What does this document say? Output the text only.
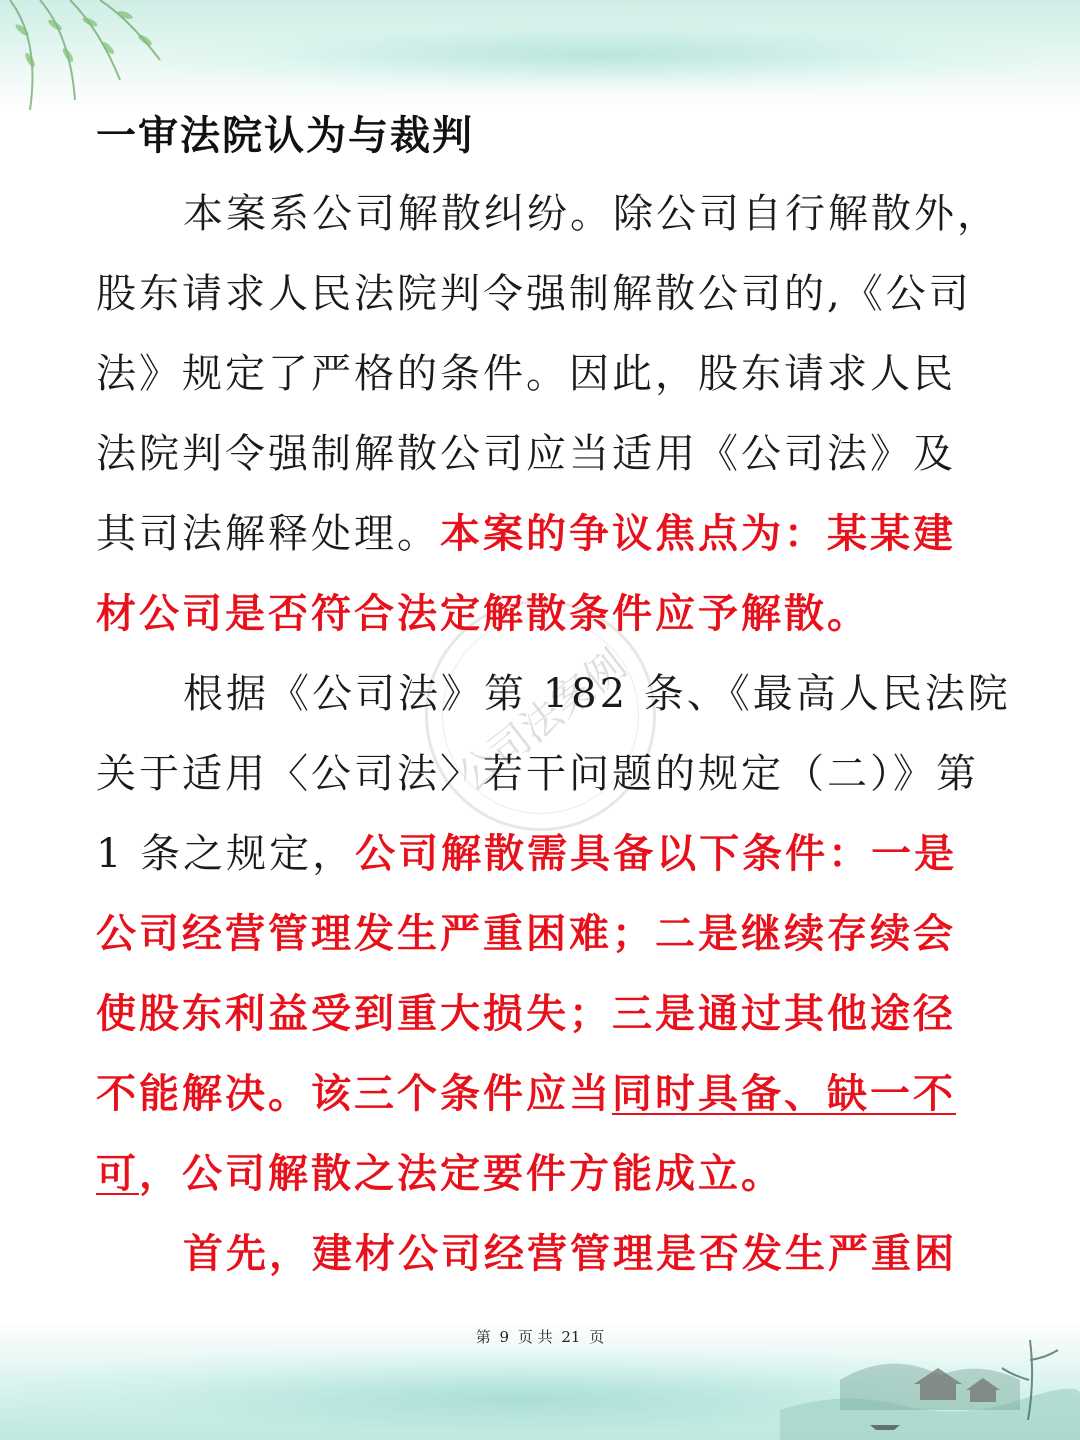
公司法案例
一审法院认为与裁判
本案系公司解散纠纷。除公司自行解散外，
股东请求人民法院判令强制解散公司的,《公司
法》规定了严格的条件。因此，股东请求人民
法院判令强制解散公司应当适用《公司法》及
其司法解释处理。本案的争议焦点为：某某建
材公司是否符合法定解散条件应予解散。
根据《公司法》第 182 条、《最高人民法院
关于适用〈公司法〉若干问题的规定（二）》第
1 条之规定，公司解散需具备以下条件：一是
公司经营管理发生严重困难；二是继续存续会
使股东利益受到重大损失；三是通过其他途径
不能解决。该三个条件应当同时具备、缺一不
可，公司解散之法定要件方能成立。
首先，建材公司经营管理是否发生严重困
第 9 页 共 21 页
